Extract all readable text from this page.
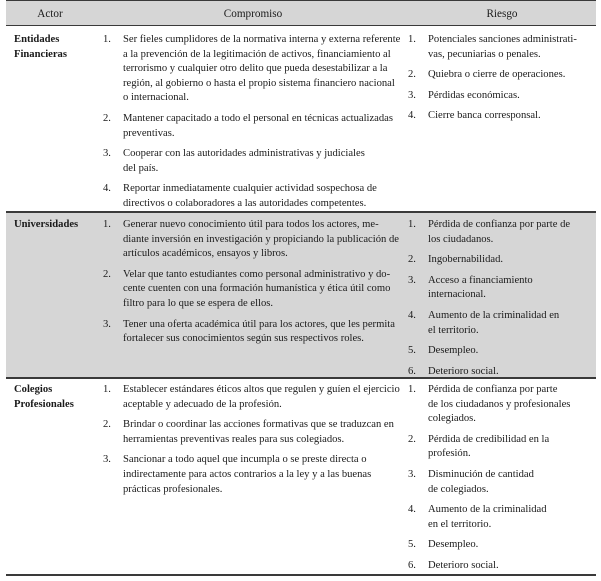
Actor	Compromiso	Riesgo
Entidades
Financieras
1. Ser fieles cumplidores de la normativa interna y externa referente
a la prevención de la legitimación de activos, financiamiento al
terrorismo y cualquier otro delito que pueda desestabilizar a la
región, al gobierno o hasta el propio sistema financiero nacional
o internacional.
2. Mantener capacitado a todo el personal en técnicas actualizadas
preventivas.
3. Cooperar con las autoridades administrativas y judiciales
del país.
4. Reportar inmediatamente cualquier actividad sospechosa de
directivos o colaboradores a las autoridades competentes.
1. Potenciales sanciones administrati-
vas, pecuniarias o penales.
2. Quiebra o cierre de operaciones.
3. Pérdidas económicas.
4. Cierre banca corresponsal.
Universidades 1. Generar nuevo conocimiento útil para todos los actores, me-
diante inversión en investigación y propiciando la publicación de
artículos académicos, ensayos y libros.
2. Velar que tanto estudiantes como personal administrativo y do-
cente cuenten con una formación humanística y ética útil como
filtro para lo que se espera de ellos.
3. Tener una oferta académica útil para los actores, que les permita
fortalecer sus conocimientos según sus respectivos roles.
1. Pérdida de confianza por parte de
los ciudadanos.
2. Ingobernabilidad.
3. Acceso a financiamiento
internacional.
4. Aumento de la criminalidad en
el territorio.
5. Desempleo.
6. Deterioro social.
Colegios
Profesionales
1. Establecer estándares éticos altos que regulen y guíen el ejercicio
aceptable y adecuado de la profesión.
2. Brindar o coordinar las acciones formativas que se traduzcan en
herramientas preventivas reales para sus colegiados.
3. Sancionar a todo aquel que incumpla o se preste directa o
indirectamente para actos contrarios a la ley y a las buenas
prácticas profesionales.
1. Pérdida de confianza por parte
de los ciudadanos y profesionales
colegiados.
2. Pérdida de credibilidad en la
profesión.
3. Disminución de cantidad
de colegiados.
4. Aumento de la criminalidad
en el territorio.
5. Desempleo.
6. Deterioro social.
